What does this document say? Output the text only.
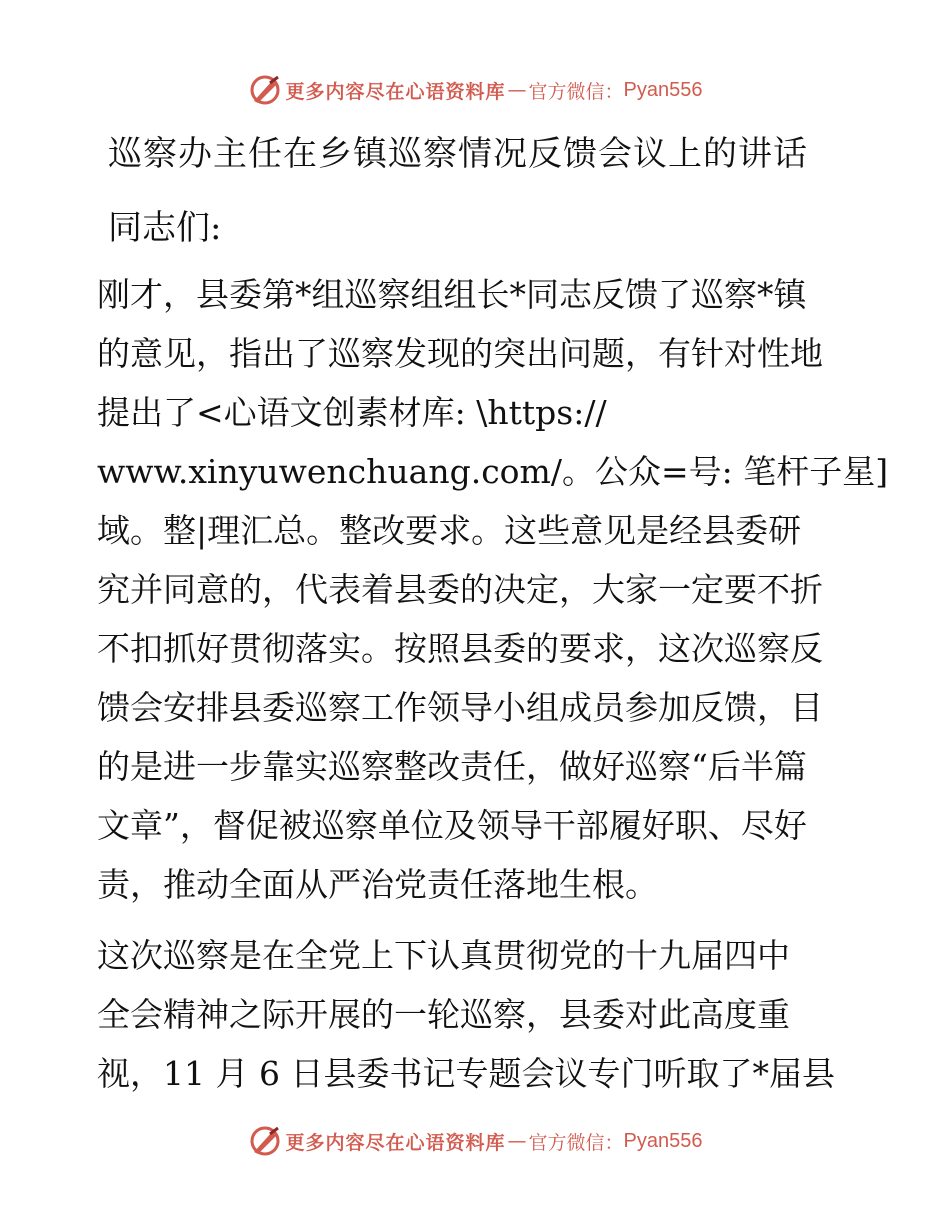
更多内容尽在心语资料库 — 官方微信： Pyan556
巡察办主任在乡镇巡察情况反馈会议上的讲话

同志们:

刚才，县委第*组巡察组组长*同志反馈了巡察*镇
的意见，指出了巡察发现的突出问题，有针对性地
提出了<心语文创素材库: \https://
www.xinyuwenchuang.com/。公众=号: 笔杆子星]
域。整|理汇总。整改要求。这些意见是经县委研
究并同意的，代表着县委的决定，大家一定要不折
不扣抓好贯彻落实。按照县委的要求，这次巡察反
馈会安排县委巡察工作领导小组成员参加反馈，目
的是进一步靠实巡察整改责任，做好巡察“后半篇
文章”，督促被巡察单位及领导干部履好职、尽好
责，推动全面从严治党责任落地生根。

这次巡察是在全党上下认真贯彻党的十九届四中
全会精神之际开展的一轮巡察，县委对此高度重
视，11 月 6 日县委书记专题会议专门听取了*届县

更多内容尽在心语资料库 — 官方微信： Pyan556
